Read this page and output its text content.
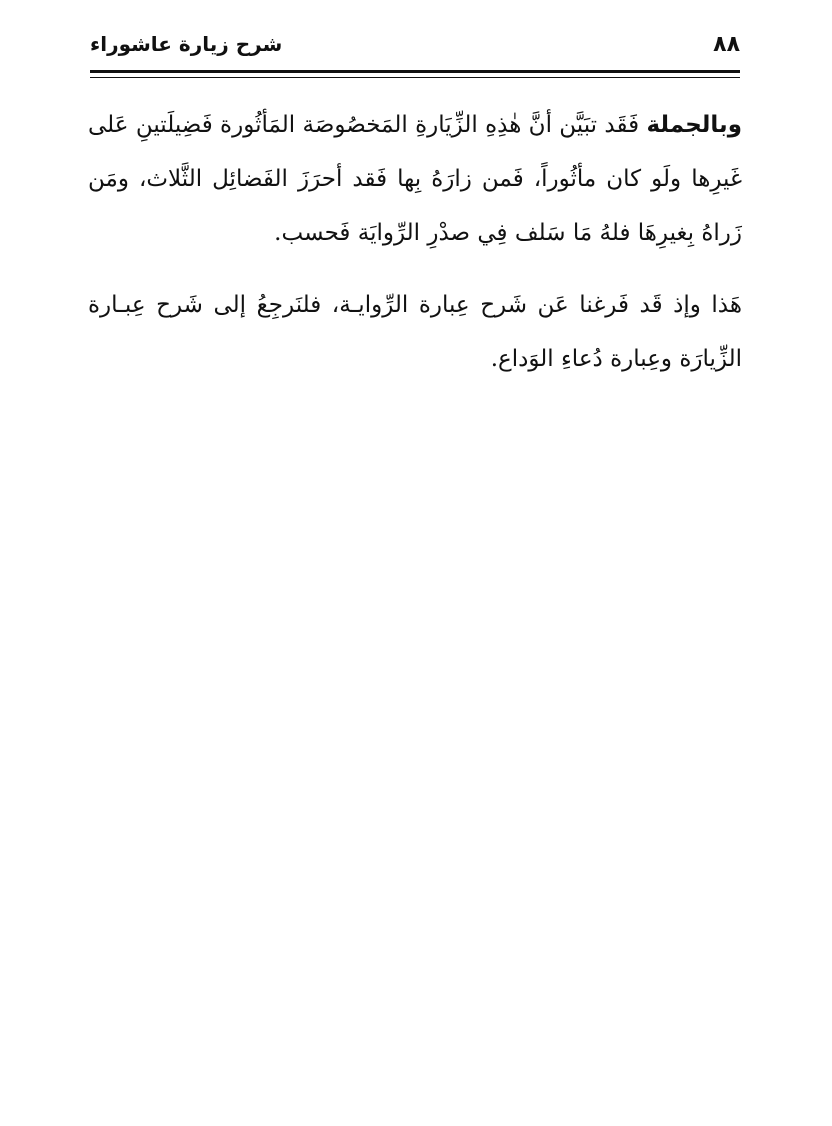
شرح زيارة عاشوراء	٨٨

وبالجملة فَقَد تبَيَّن أنَّ هٰذِهِ الزِّيَارةِ المَخصُوصَة المَأثُورة فَضِيلَتينِ عَلى غَيرِها ولَو كان مأثُوراً، فَمن زارَهُ بِها فَقد أحرَزَ الفَضائِل الثَّلاث، ومَن زَراهُ بِغيرِهَا فلهُ مَا سَلف فِي صدْرِ الرِّوايَة فَحسب.

هَذا وإذ قَد فَرغنا عَن شَرح عِبارة الرِّوايـة، فلنَرجِعُ إلى شَرح عِبـارة الزِّيارَة وعِبارة دُعاءِ الوَداع.
